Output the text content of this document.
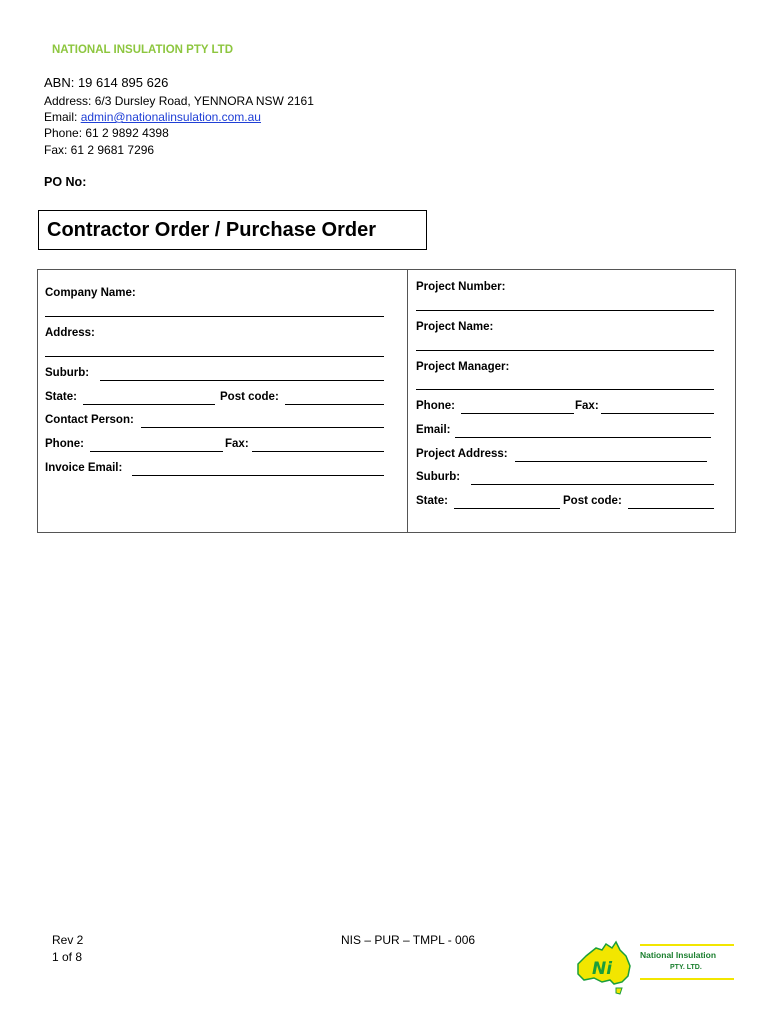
NATIONAL INSULATION PTY LTD
ABN: 19 614 895 626
Address: 6/3 Dursley Road, YENNORA NSW 2161
Email: admin@nationalinsulation.com.au
Phone: 61 2 9892 4398
Fax: 61 2 9681 7296
PO No:
Contractor Order / Purchase Order
Company Name:
Address:
Suburb:
State:	Post code:
Contact Person:
Phone:	Fax:
Invoice Email:
Project Number:
Project Name:
Project Manager:
Phone:	Fax:
Email:
Project Address:
Suburb:
State:	Post code:
Rev 2
1 of 8
NIS – PUR – TMPL - 006
Ni
National Insulation
PTY. LTD.
